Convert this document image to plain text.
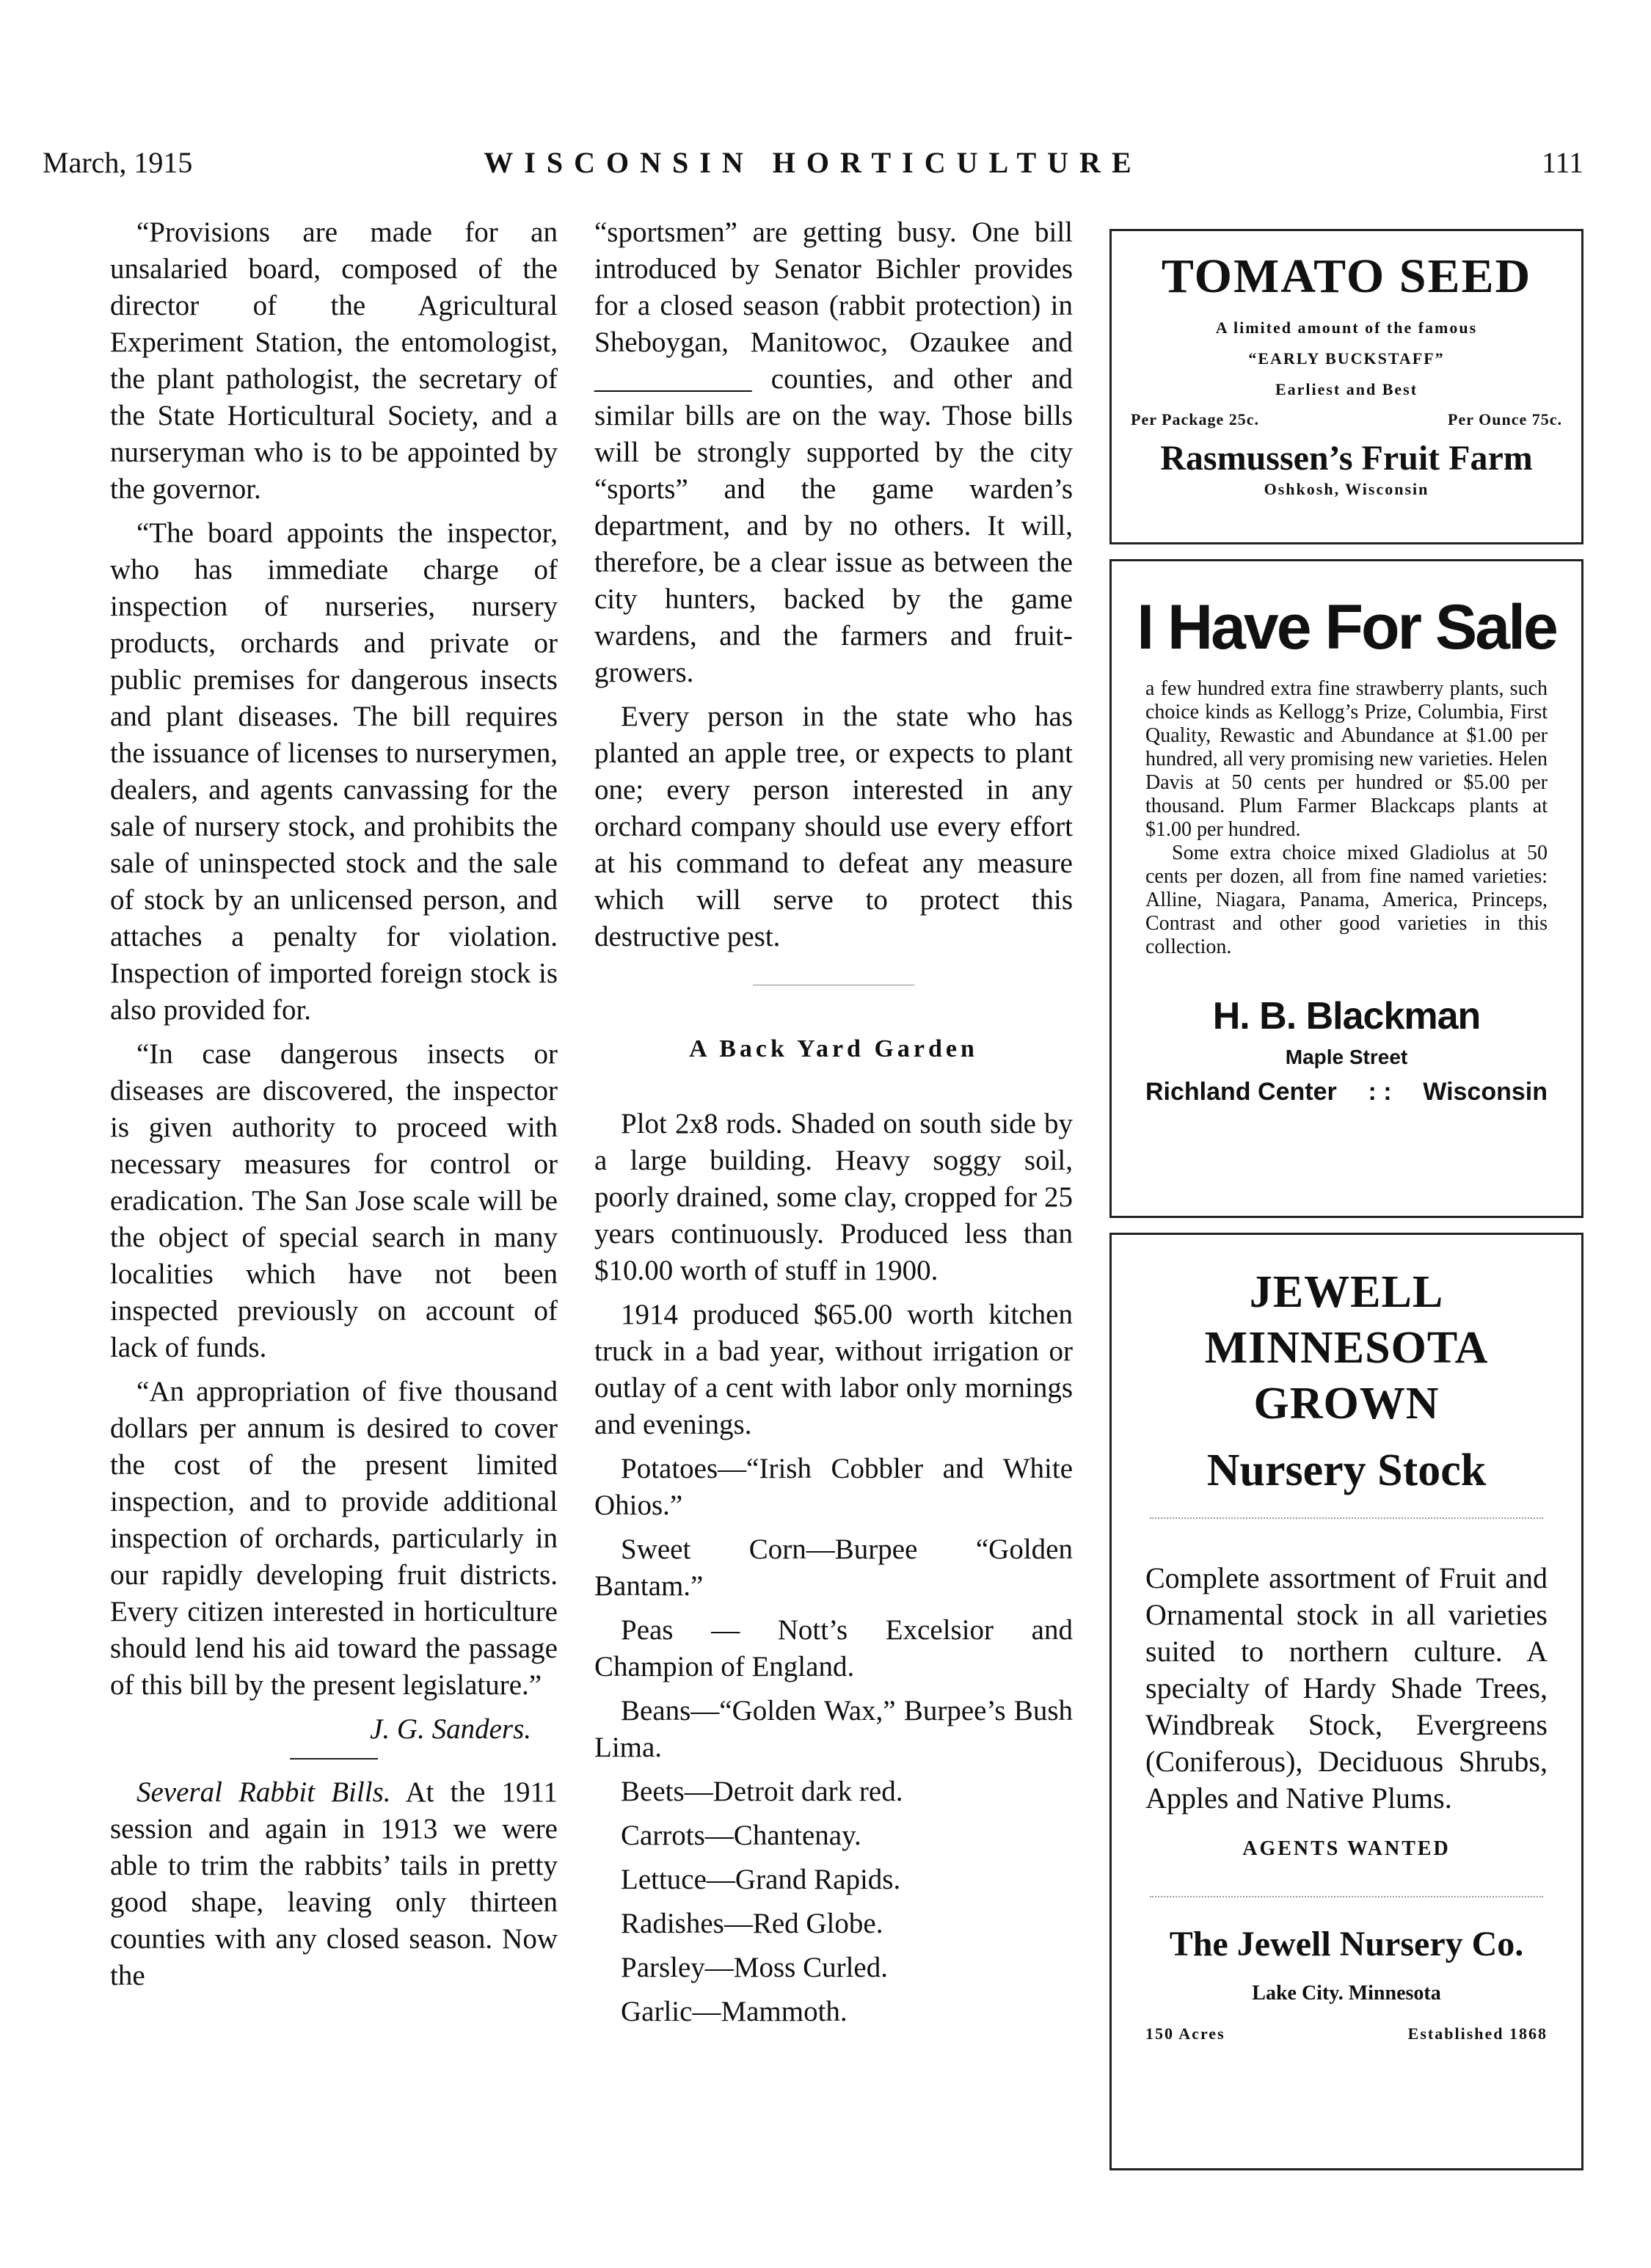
March, 1915	WISCONSIN HORTICULTURE	111

“Provisions are made for an unsalaried board, composed of the director of the Agricultural Experiment Station, the entomologist, the plant pathologist, the secretary of the State Horticultural Society, and a nurseryman who is to be appointed by the governor.

“The board appoints the inspector, who has immediate charge of inspection of nurseries, nursery products, orchards and private or public premises for dangerous insects and plant diseases. The bill requires the issuance of licenses to nurserymen, dealers, and agents canvassing for the sale of nursery stock, and prohibits the sale of uninspected stock and the sale of stock by an unlicensed person, and attaches a penalty for violation. Inspection of imported foreign stock is also provided for.

“In case dangerous insects or diseases are discovered, the inspector is given authority to proceed with necessary measures for control or eradication. The San Jose scale will be the object of special search in many localities which have not been inspected previously on account of lack of funds.

“An appropriation of five thousand dollars per annum is desired to cover the cost of the present limited inspection, and to provide additional inspection of orchards, particularly in our rapidly developing fruit districts. Every citizen interested in horticulture should lend his aid toward the passage of this bill by the present legislature.”

J. G. Sanders.

Several Rabbit Bills. At the 1911 session and again in 1913 we were able to trim the rabbits’ tails in pretty good shape, leaving only thirteen counties with any closed season. Now the

“sportsmen” are getting busy. One bill introduced by Senator Bichler provides for a closed season (rabbit protection) in Sheboygan, Manitowoc, Ozaukee and ___________ counties, and other and similar bills are on the way. Those bills will be strongly supported by the city “sports” and the game warden’s department, and by no others. It will, therefore, be a clear issue as between the city hunters, backed by the game wardens, and the farmers and fruit-growers.

Every person in the state who has planted an apple tree, or expects to plant one; every person interested in any orchard company should use every effort at his command to defeat any measure which will serve to protect this destructive pest.

A Back Yard Garden

Plot 2x8 rods. Shaded on south side by a large building. Heavy soggy soil, poorly drained, some clay, cropped for 25 years continuously. Produced less than $10.00 worth of stuff in 1900.

1914 produced $65.00 worth kitchen truck in a bad year, without irrigation or outlay of a cent with labor only mornings and evenings.

Potatoes—“Irish Cobbler and White Ohios.”

Sweet Corn—Burpee “Golden Bantam.”

Peas — Nott’s Excelsior and Champion of England.

Beans—“Golden Wax,” Burpee’s Bush Lima.

Beets—Detroit dark red.

Carrots—Chantenay.

Lettuce—Grand Rapids.

Radishes—Red Globe.

Parsley—Moss Curled.

Garlic—Mammoth.

TOMATO SEED
A limited amount of the famous
“EARLY BUCKSTAFF”
Earliest and Best
Per Package 25c.	Per Ounce 75c.
Rasmussen’s Fruit Farm
Oshkosh, Wisconsin
I Have For Sale

a few hundred extra fine strawberry plants, such choice kinds as Kellogg’s Prize, Columbia, First Quality, Rewastic and Abundance at $1.00 per hundred, all very promising new varieties. Helen Davis at 50 cents per hundred or $5.00 per thousand. Plum Farmer Blackcaps plants at $1.00 per hundred.

Some extra choice mixed Gladiolus at 50 cents per dozen, all from fine named varieties: Alline, Niagara, Panama, America, Princeps, Contrast and other good varieties in this collection.

H. B. Blackman
Maple Street
Richland Center : : Wisconsin
JEWELL
MINNESOTA
GROWN
Nursery Stock
Complete assortment of Fruit and Ornamental stock in all varieties suited to northern culture. A specialty of Hardy Shade Trees, Windbreak Stock, Evergreens (Coniferous), Deciduous Shrubs, Apples and Native Plums.
AGENTS WANTED
The Jewell Nursery Co.
Lake City. Minnesota
150 Acres	Established 1868
